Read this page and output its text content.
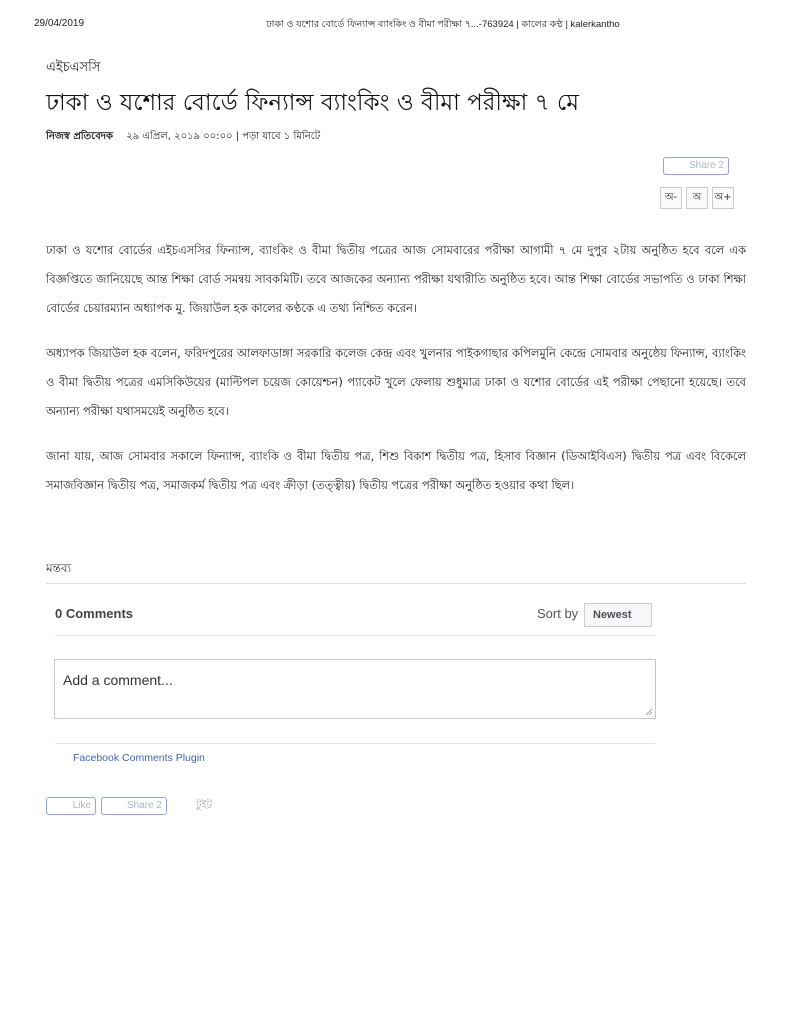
29/04/2019	ঢাকা ও যশোর বোর্ডে ফিন্যান্স ব্যাংকিং ও বীমা পরীক্ষা ৭...-763924 | কালের কণ্ঠ | kalerkantho
এইচএসসি
ঢাকা ও যশোর বোর্ডে ফিন্যান্স ব্যাংকিং ও বীমা পরীক্ষা ৭ মে
নিজস্ব প্রতিবেদক ২৯ এপ্রিল, ২০১৯ ০০:০০ | পড়া যাবে ১ মিনিটে
Share 2
অ-	অ	অ+

ঢাকা ও যশোর বোর্ডের এইচএসসির ফিন্যান্স, ব্যাংকিং ও বীমা দ্বিতীয় পত্রের আজ সোমবারের পরীক্ষা আগামী ৭ মে দুপুর ২টায় অনুষ্ঠিত হবে বলে এক বিজ্ঞপ্তিতে জানিয়েছে আন্ত শিক্ষা বোর্ড সমন্বয় সাবকমিটি। তবে আজকের অন্যান্য পরীক্ষা যথারীতি অনুষ্ঠিত হবে। আন্ত শিক্ষা বোর্ডের সভাপতি ও ঢাকা শিক্ষা বোর্ডের চেয়ারম্যান অধ্যাপক মু. জিয়াউল হক কালের কণ্ঠকে এ তথ্য নিশ্চিত করেন।

অধ্যাপক জিয়াউল হক বলেন, ফরিদপুরের আলফাডাঙ্গা সরকারি কলেজ কেন্দ্র এবং খুলনার পাইকগাছার কপিলমুনি কেন্দ্রে সোমবার অনুষ্ঠেয় ফিন্যান্স, ব্যাংকিং ও বীমা দ্বিতীয় পত্রের এমসিকিউয়ের (মাল্টিপল চয়েজ কোয়েশ্চন) প্যাকেট খুলে ফেলায় শুধুমাত্র ঢাকা ও যশোর বোর্ডের এই পরীক্ষা পেছানো হয়েছে। তবে অন্যান্য পরীক্ষা যথাসময়েই অনুষ্ঠিত হবে।

জানা যায়, আজ সোমবার সকালে ফিন্যান্স, ব্যাংকি ও বীমা দ্বিতীয় পত্র, শিশু বিকাশ দ্বিতীয় পত্র, হিসাব বিজ্ঞান (ডিআইবিএস) দ্বিতীয় পত্র এবং বিকেলে সমাজবিজ্ঞান দ্বিতীয় পত্র, সমাজকর্ম দ্বিতীয় পত্র এবং ক্রীড়া (তত্ত্বীয়) দ্বিতীয় পত্রের পরীক্ষা অনুষ্ঠিত হওয়ার কথা ছিল।

মন্তব্য
0 Comments	Sort by	Newest
Add a comment...
Facebook Comments Plugin
Like	Share 2	টুইট
